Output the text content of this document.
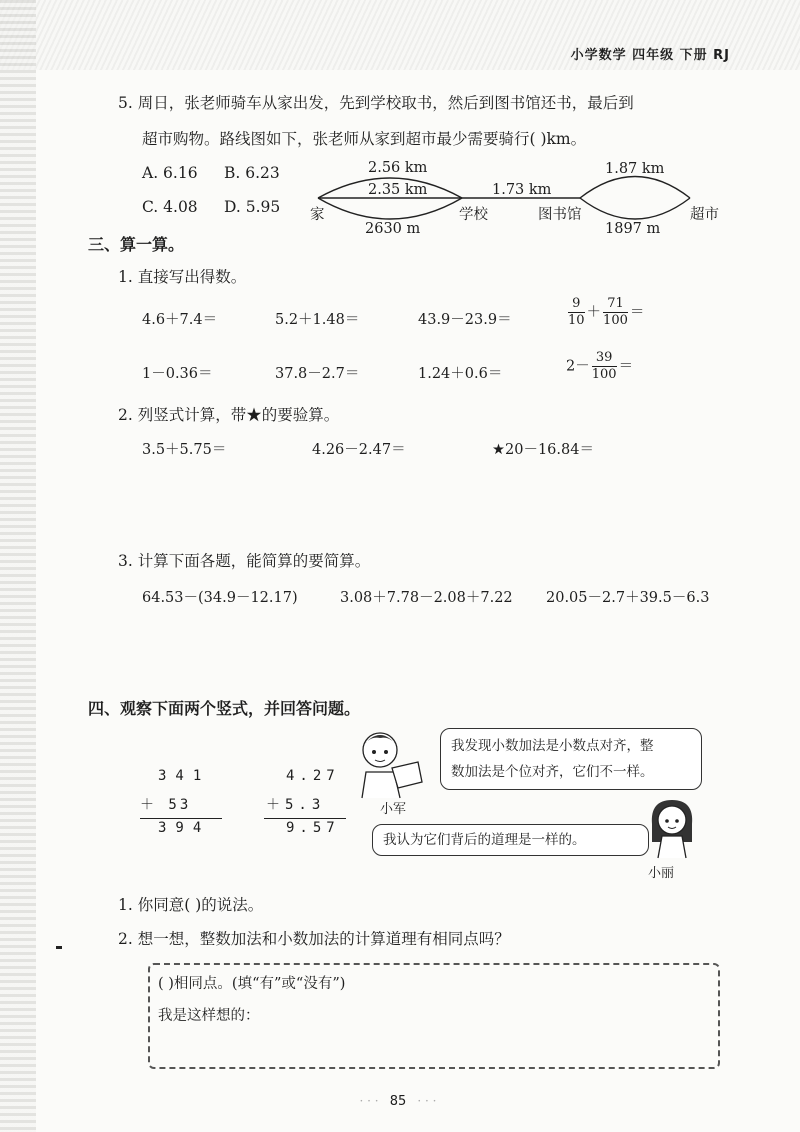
小学数学 四年级 下册 RJ
5. 周日，张老师骑车从家出发，先到学校取书，然后到图书馆还书，最后到
超市购物。路线图如下，张老师从家到超市最少需要骑行( )km。
A. 6.16 B. 6.23
C. 4.08 D. 5.95
2.56 km
2.35 km
2630 m
1.73 km
1.87 km
1897 m
家	学校	图书馆	超市
三、算一算。
1. 直接写出得数。
4.6＋7.4＝	5.2＋1.48＝	43.9－23.9＝	$\frac{9}{10} + \frac{71}{100}$ ＝
1－0.36＝	37.8－2.7＝	1.24＋0.6＝	$2- \frac{39}{100}$ ＝
2. 列竖式计算，带★的要验算。
3.5＋5.75＝	4.26－2.47＝	★20－16.84＝
3. 计算下面各题，能简算的要简算。
64.53－(34.9－12.17)	3.08＋7.78－2.08＋7.22 20.05－2.7＋39.5－6.3
四、观察下面两个竖式，并回答问题。
341
＋ 53
394
4.27
＋5.3
9.57
小军
我发现小数加法是小数点对齐，整
数加法是个位对齐，它们不一样。
我认为它们背后的道理是一样的。
小丽
1. 你同意( )的说法。
2. 想一想，整数加法和小数加法的计算道理有相同点吗？
( )相同点。(填“有”或“没有”)
我是这样想的：
· · · 85 · · ·
